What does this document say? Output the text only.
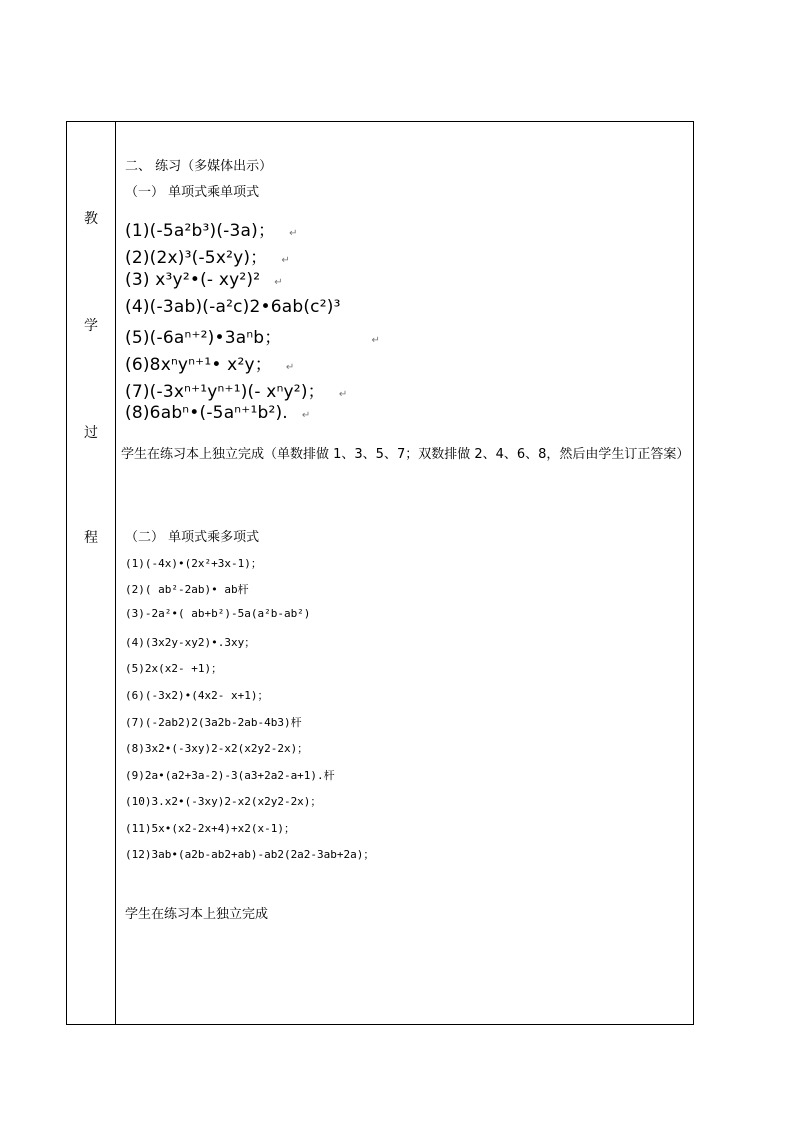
教
学
过
程
二、 练习（多媒体出示）
（一） 单项式乘单项式
(1)(-5a²b³)(-3a)； ↵
(2)(2x)³(-5x²y)； ↵
(3) x³y²•(- xy²)² ↵
(4)(-3ab)(-a²c)2•6ab(c²)³
(5)(-6aⁿ⁺²)•3aⁿb；	↵
(6)8xⁿyⁿ⁺¹• x²y； ↵
(7)(-3xⁿ⁺¹yⁿ⁺¹)(- xⁿy²)； ↵
(8)6abⁿ•(-5aⁿ⁺¹b²). ↵
学生在练习本上独立完成（单数排做 1、3、5、7；双数排做 2、4、6、8，然后由学生订正答案）
（二） 单项式乘多项式
(1)(-4x)•(2x²+3x-1)；
(2)( ab²-2ab)• ab杆
(3)-2a²•( ab+b²)-5a(a²b-ab²)
(4)(3x2y-xy2)•.3xy；
(5)2x(x2- +1)；
(6)(-3x2)•(4x2- x+1)；
(7)(-2ab2)2(3a2b-2ab-4b3)杆
(8)3x2•(-3xy)2-x2(x2y2-2x)；
(9)2a•(a2+3a-2)-3(a3+2a2-a+1).杆
(10)3.x2•(-3xy)2-x2(x2y2-2x)；
(11)5x•(x2-2x+4)+x2(x-1)；
(12)3ab•(a2b-ab2+ab)-ab2(2a2-3ab+2a)；
学生在练习本上独立完成
